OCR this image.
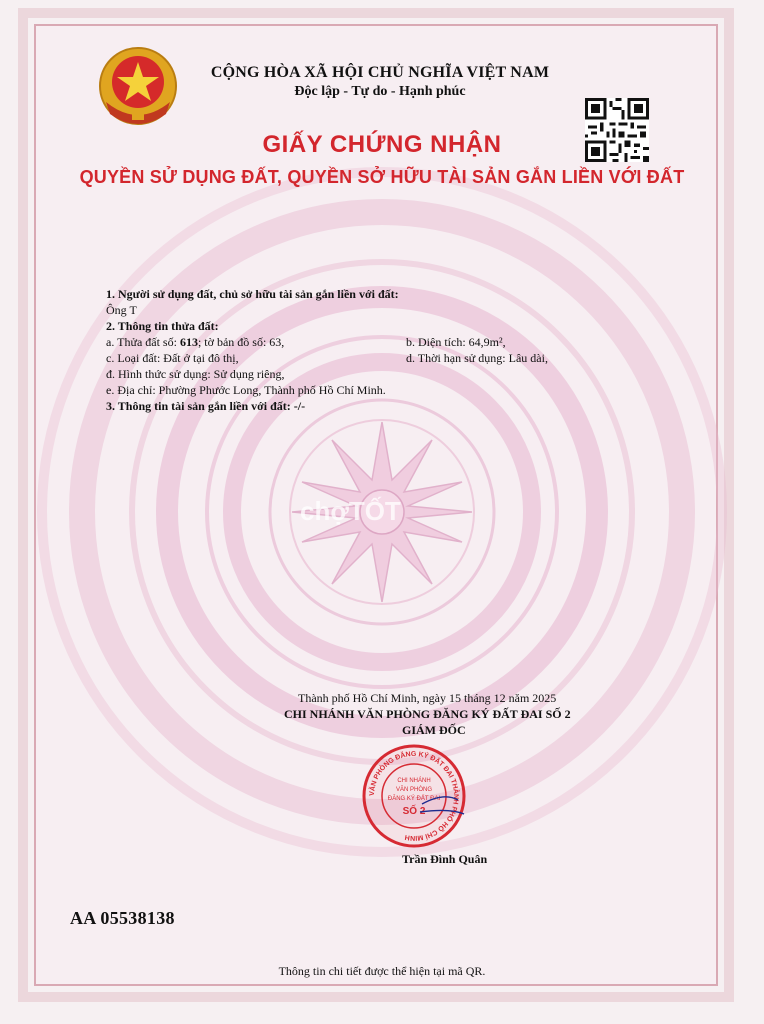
chợTỐT
CỘNG HÒA XÃ HỘI CHỦ NGHĨA VIỆT NAM
Độc lập - Tự do - Hạnh phúc
GIẤY CHỨNG NHẬN
QUYỀN SỬ DỤNG ĐẤT, QUYỀN SỞ HỮU TÀI SẢN GẮN LIỀN VỚI ĐẤT
1. Người sử dụng đất, chủ sở hữu tài sản gắn liền với đất:
Ông T
2. Thông tin thửa đất:
a. Thửa đất số: 613; tờ bản đồ số: 63,	b. Diện tích: 64,9m²,
c. Loại đất: Đất ở tại đô thị,	d. Thời hạn sử dụng: Lâu dài,
đ. Hình thức sử dụng: Sử dụng riêng,
e. Địa chỉ: Phường Phước Long, Thành phố Hồ Chí Minh.
3. Thông tin tài sản gắn liền với đất: -/-
Thành phố Hồ Chí Minh, ngày 15 tháng 12 năm 2025
CHI NHÁNH VĂN PHÒNG ĐĂNG KÝ ĐẤT ĐAI SỐ 2
GIÁM ĐỐC
VĂN PHÒNG ĐĂNG KÝ ĐẤT ĐAI THÀNH PHỐ HỒ CHÍ MINH
CHI NHÁNH
VĂN PHÒNG
ĐĂNG KÝ ĐẤT ĐAI
SỐ 2
Trần Đình Quân
AA 05538138
Thông tin chi tiết được thể hiện tại mã QR.
